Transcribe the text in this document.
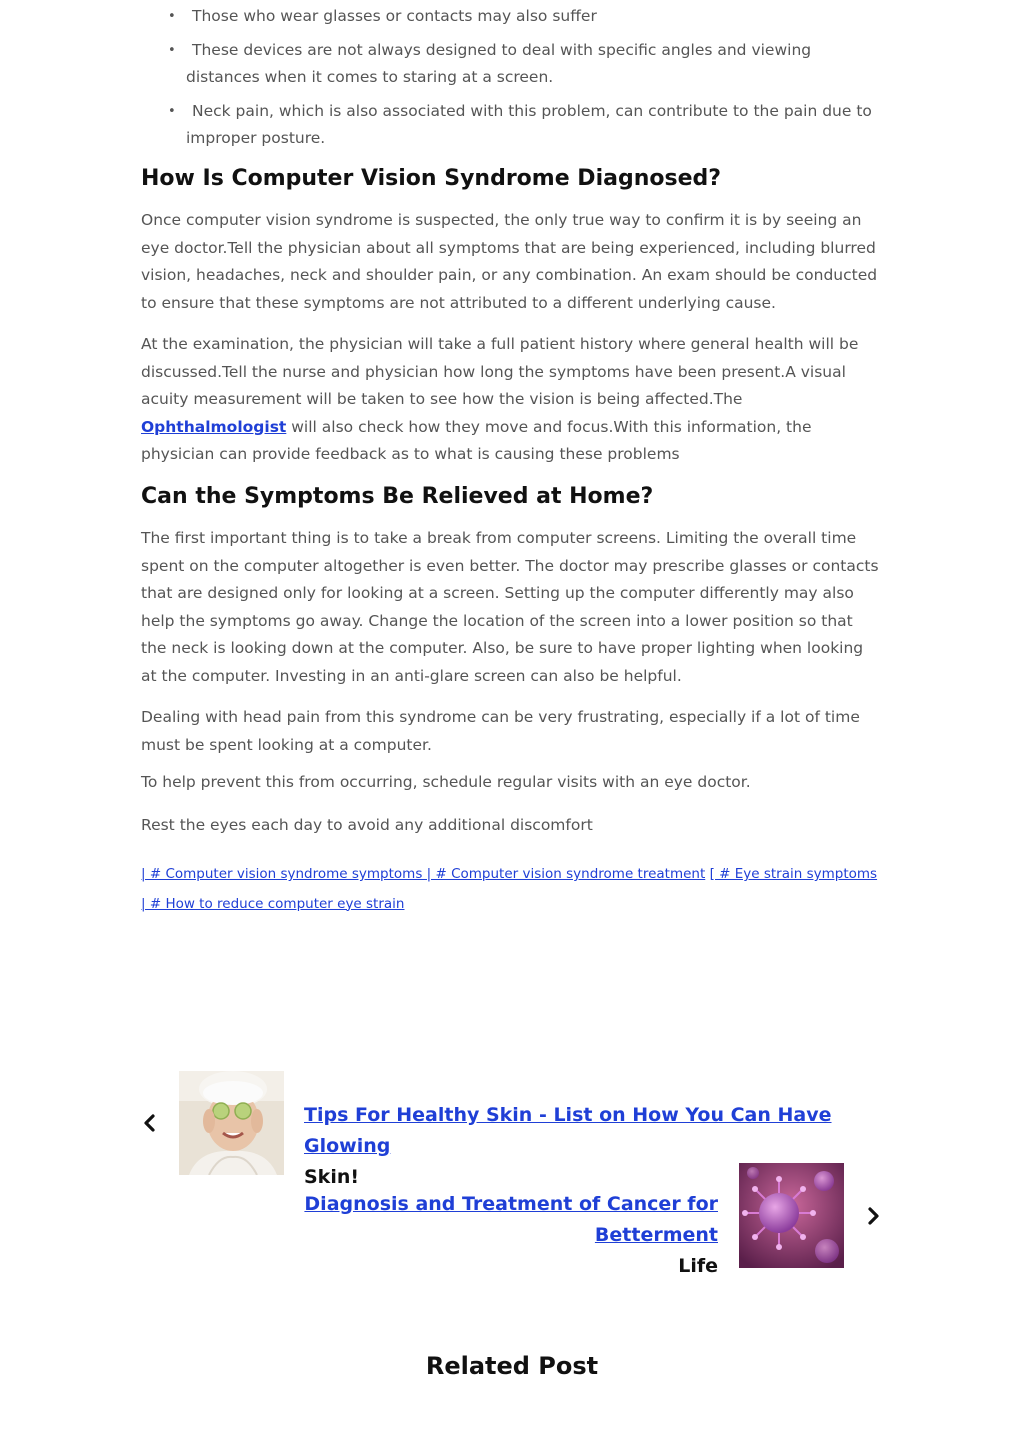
•	Those who wear glasses or contacts may also suffer
•	These devices are not always designed to deal with specific angles and viewing distances when it comes to staring at a screen.
•	Neck pain, which is also associated with this problem, can contribute to the pain due to improper posture.
How Is Computer Vision Syndrome Diagnosed?

Once computer vision syndrome is suspected, the only true way to confirm it is by seeing an eye doctor.Tell the physician about all symptoms that are being experienced, including blurred vision, headaches, neck and shoulder pain, or any combination. An exam should be conducted to ensure that these symptoms are not attributed to a different underlying cause.

At the examination, the physician will take a full patient history where general health will be discussed.Tell the nurse and physician how long the symptoms have been present.A visual acuity measurement will be taken to see how the vision is being affected.The Ophthalmologist will also check how they move and focus.With this information, the physician can provide feedback as to what is causing these problems

Can the Symptoms Be Relieved at Home?

The first important thing is to take a break from computer screens. Limiting the overall time spent on the computer altogether is even better. The doctor may prescribe glasses or contacts that are designed only for looking at a screen. Setting up the computer differently may also help the symptoms go away. Change the location of the screen into a lower position so that the neck is looking down at the computer. Also, be sure to have proper lighting when looking at the computer. Investing in an anti-glare screen can also be helpful.

Dealing with head pain from this syndrome can be very frustrating, especially if a lot of time must be spent looking at a computer.

To help prevent this from occurring, schedule regular visits with an eye doctor.

Rest the eyes each day to avoid any additional discomfort

| # Computer vision syndrome symptoms | # Computer vision syndrome treatment [ # Eye strain symptoms | # How to reduce computer eye strain
Tips For Healthy Skin - List on How You Can Have Glowing
Skin!
Diagnosis and Treatment of Cancer for Betterment
Life
Related Post
